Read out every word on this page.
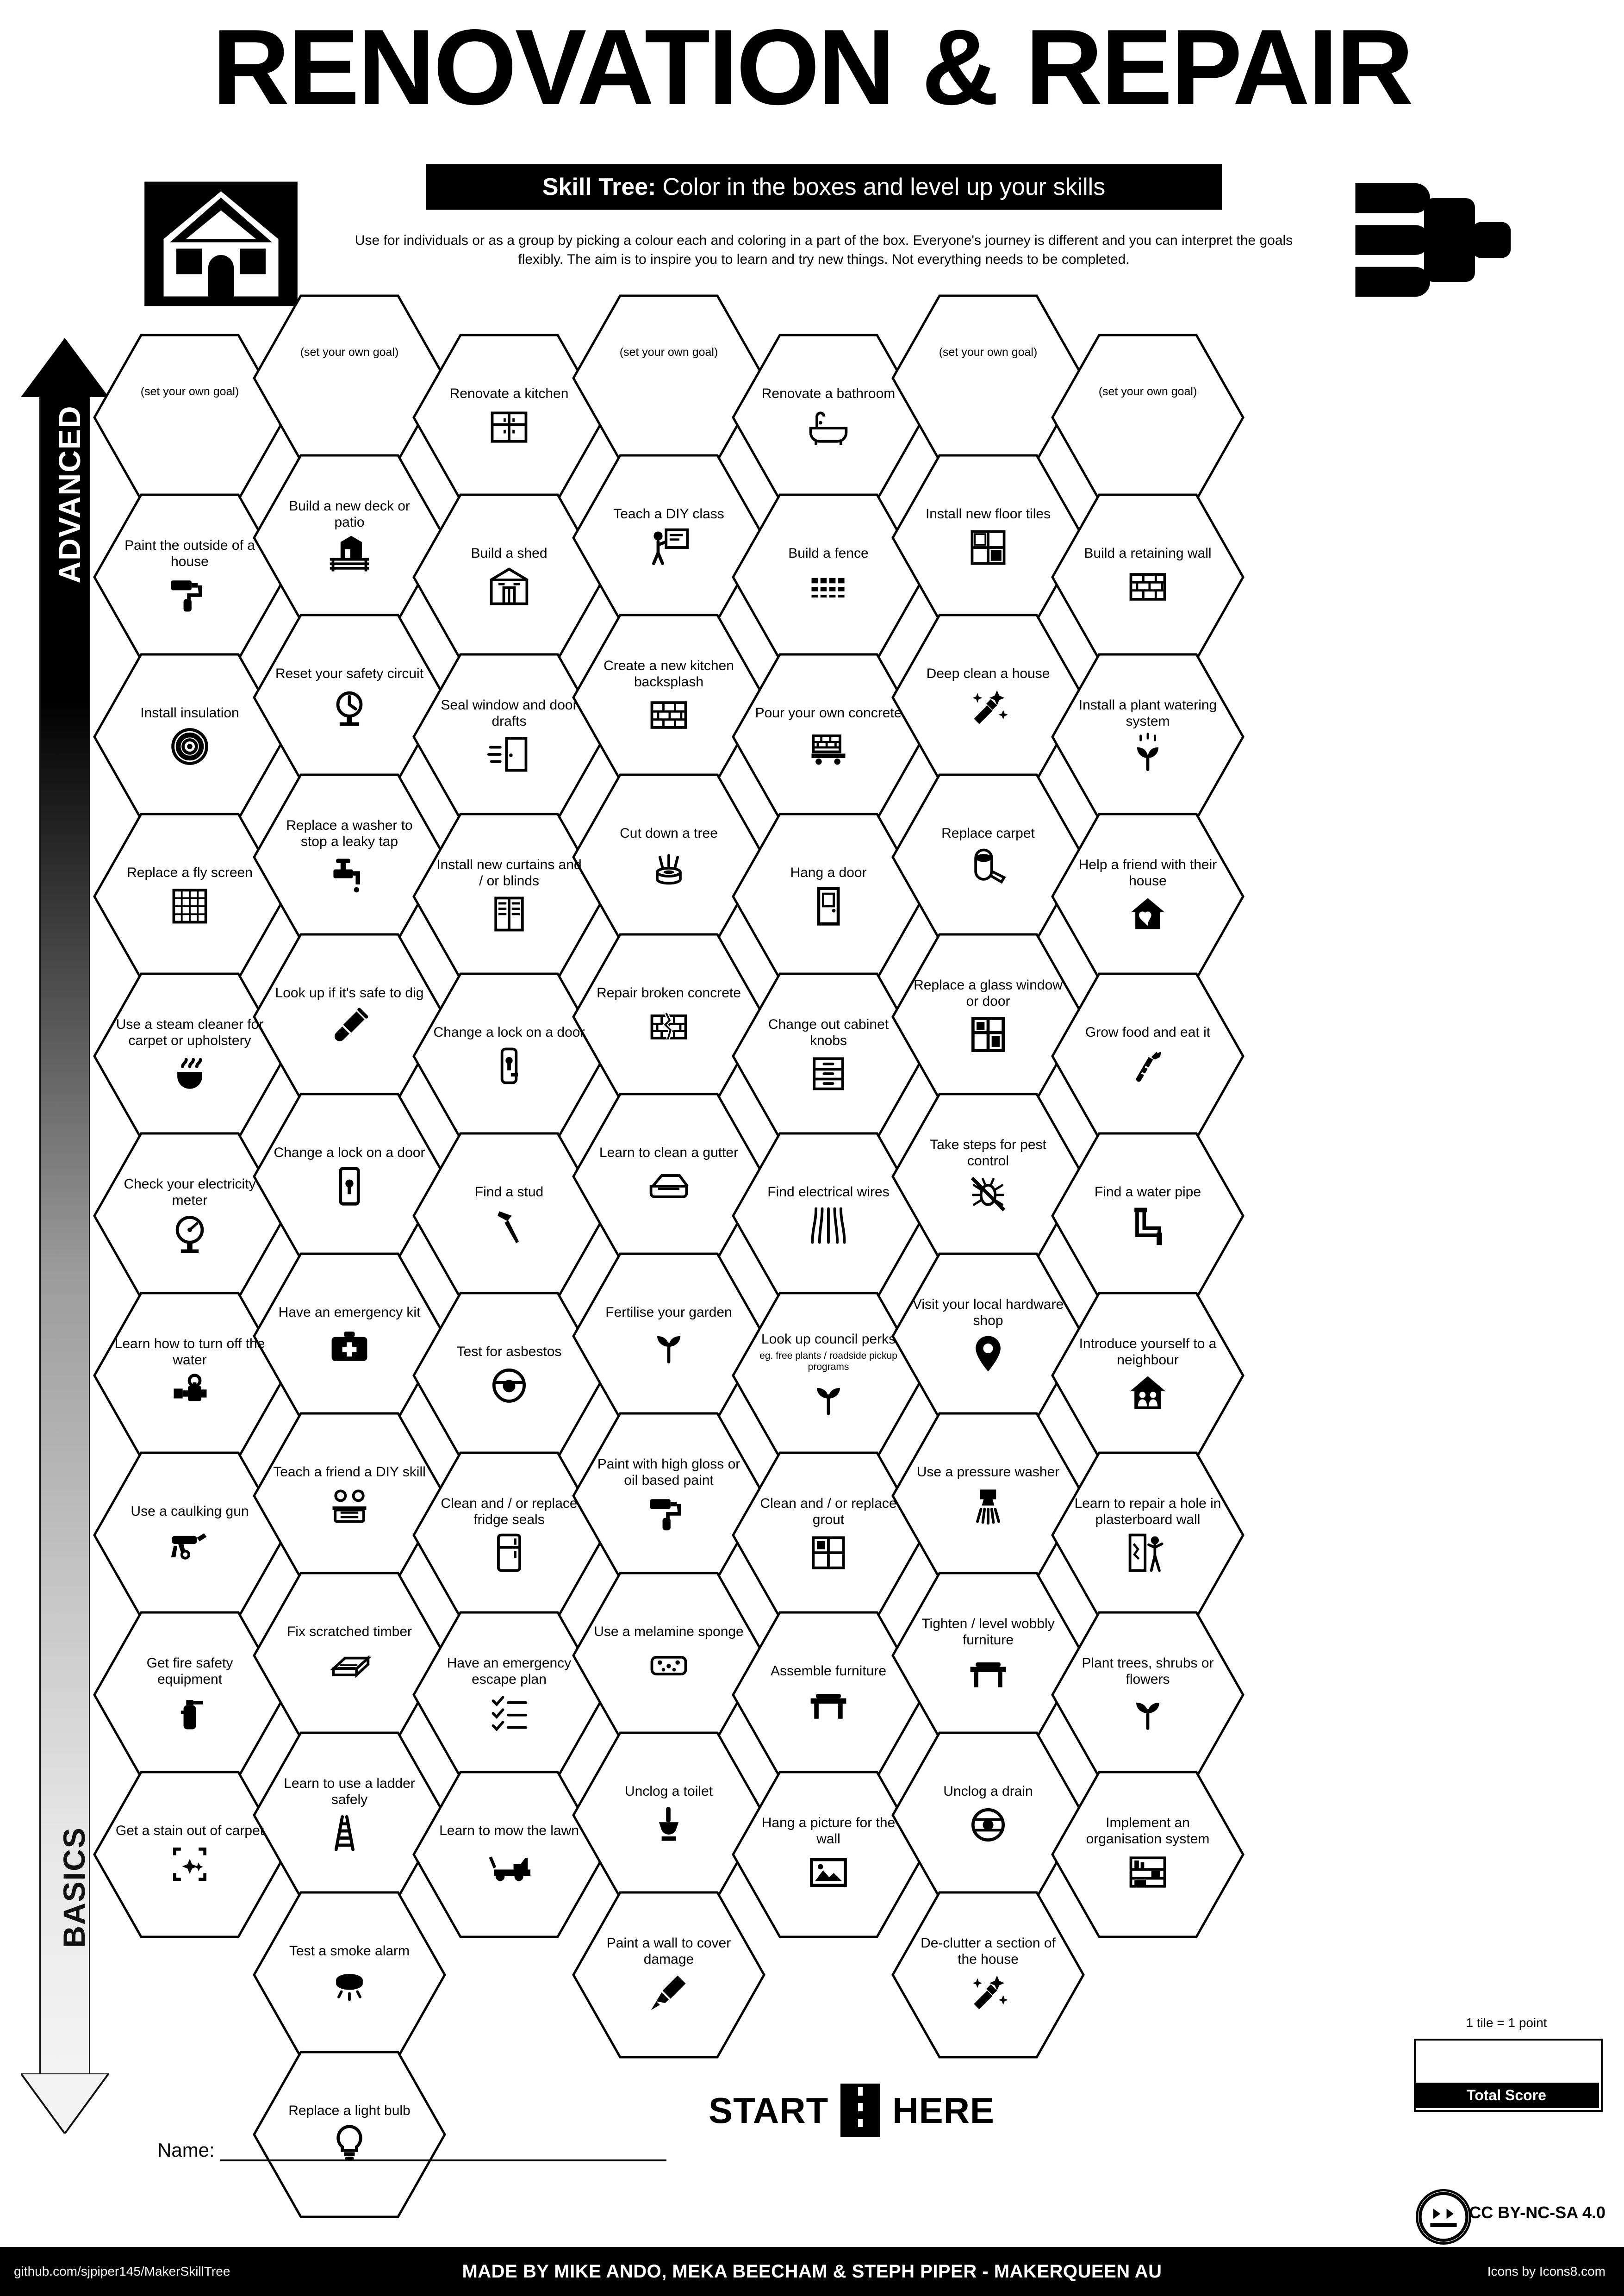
RENOVATION & REPAIR
Skill Tree: Color in the boxes and level up your skills
Use for individuals or as a group by picking a colour each and coloring in a part of the box. Everyone's journey is different and you can interpret the goals flexibly. The aim is to inspire you to learn and try new things. Not everything needs to be completed.
ADVANCED
BASICS
(set your own goal)
Paint the outside of a house
Install insulation
Replace a fly screen
Use a steam cleaner for carpet or upholstery
Check your electricity meter
Learn how to turn off the water
Use a caulking gun
Get fire safety equipment
Get a stain out of carpet
(set your own goal)
Build a new deck or patio
Reset your safety circuit
Replace a washer to stop a leaky tap
Look up if it's safe to dig
Change a lock on a door
Have an emergency kit
Teach a friend a DIY skill
Fix scratched timber
Learn to use a ladder safely
Test a smoke alarm
Replace a light bulb
Renovate a kitchen
Build a shed
Seal window and door drafts
Install new curtains and / or blinds
Change a lock on a door
Find a stud
Test for asbestos
Clean and / or replace fridge seals
Have an emergency escape plan
Learn to mow the lawn
(set your own goal)
Teach a DIY class
Create a new kitchen backsplash
Cut down a tree
Repair broken concrete
Learn to clean a gutter
Fertilise your garden
Paint with high gloss or oil based paint
Use a melamine sponge
Unclog a toilet
Paint a wall to cover damage
Renovate a bathroom
Build a fence
Pour your own concrete
Hang a door
Change out cabinet knobs
Find electrical wires
Look up council perks
eg. free plants / roadside pickup programs
Clean and / or replace grout
Assemble furniture
Hang a picture for the wall
(set your own goal)
Install new floor tiles
Deep clean a house
Replace carpet
Replace a glass window or door
Take steps for pest control
Visit your local hardware shop
Use a pressure washer
Tighten / level wobbly furniture
Unclog a drain
De-clutter a section of the house
(set your own goal)
Build a retaining wall
Install a plant watering system
Help a friend with their house
Grow food and eat it
Find a water pipe
Introduce yourself to a neighbour
Learn to repair a hole in plasterboard wall
Plant trees, shrubs or flowers
Implement an organisation system
START HERE
1 tile = 1 point
Total Score
Name:
CC BY-NC-SA 4.0
github.com/sjpiper145/MakerSkillTree	MADE BY MIKE ANDO, MEKA BEECHAM & STEPH PIPER - MAKERQUEEN AU	Icons by Icons8.com
